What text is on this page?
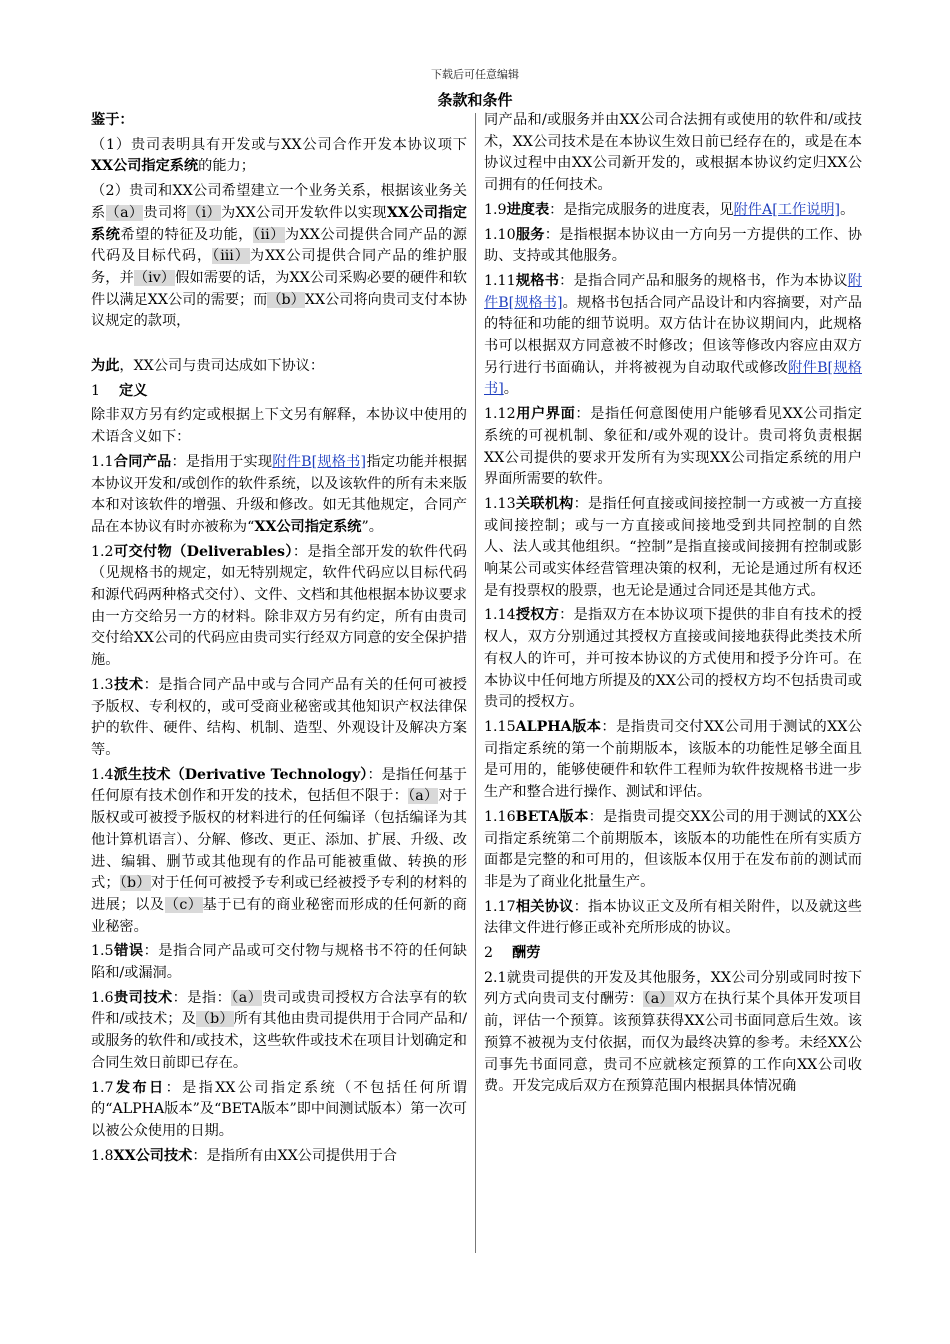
下载后可任意编辑
条款和条件

鉴于：

（1）贵司表明具有开发或与XX公司合作开发本协议项下XX公司指定系统的能力；

（2）贵司和XX公司希望建立一个业务关系，根据该业务关系（a）贵司将（i）为XX公司开发软件以实现XX公司指定系统希望的特征及功能，（ii）为XX公司提供合同产品的源代码及目标代码，（iii）为XX公司提供合同产品的维护服务，并（iv）假如需要的话，为XX公司采购必要的硬件和软件以满足XX公司的需要；而（b）XX公司将向贵司支付本协议规定的款项，

为此，XX公司与贵司达成如下协议：

1 定义

除非双方另有约定或根据上下文另有解释，本协议中使用的术语含义如下：

1.1合同产品：是指用于实现附件B[规格书]指定功能并根据本协议开发和/或创作的软件系统，以及该软件的所有未来版本和对该软件的增强、升级和修改。如无其他规定，合同产品在本协议有时亦被称为“XX公司指定系统”。

1.2可交付物（Deliverables）：是指全部开发的软件代码（见规格书的规定，如无特别规定，软件代码应以目标代码和源代码两种格式交付）、文件、文档和其他根据本协议要求由一方交给另一方的材料。除非双方另有约定，所有由贵司交付给XX公司的代码应由贵司实行经双方同意的安全保护措施。

1.3技术：是指合同产品中或与合同产品有关的任何可被授予版权、专利权的，或可受商业秘密或其他知识产权法律保护的软件、硬件、结构、机制、造型、外观设计及解决方案等。

1.4派生技术（Derivative Technology）：是指任何基于任何原有技术创作和开发的技术，包括但不限于：（a）对于版权或可被授予版权的材料进行的任何编译（包括编译为其他计算机语言）、分解、修改、更正、添加、扩展、升级、改进、编辑、删节或其他现有的作品可能被重做、转换的形式；（b）对于任何可被授予专利或已经被授予专利的材料的进展；以及（c）基于已有的商业秘密而形成的任何新的商业秘密。

1.5错误：是指合同产品或可交付物与规格书不符的任何缺陷和/或漏洞。

1.6贵司技术：是指：（a）贵司或贵司授权方合法享有的软件和/或技术；及（b）所有其他由贵司提供用于合同产品和/或服务的软件和/或技术，这些软件或技术在项目计划确定和合同生效日前即已存在。

1.7发布日：是指XX公司指定系统（不包括任何所谓的“ALPHA版本”及“BETA版本”即中间测试版本）第一次可以被公众使用的日期。

1.8XX公司技术：是指所有由XX公司提供用于合

同产品和/或服务并由XX公司合法拥有或使用的软件和/或技术，XX公司技术是在本协议生效日前已经存在的，或是在本协议过程中由XX公司新开发的，或根据本协议约定归XX公司拥有的任何技术。

1.9进度表：是指完成服务的进度表，见附件A[工作说明]。

1.10服务：是指根据本协议由一方向另一方提供的工作、协助、支持或其他服务。

1.11规格书：是指合同产品和服务的规格书，作为本协议附件B[规格书]。规格书包括合同产品设计和内容摘要，对产品的特征和功能的细节说明。双方估计在协议期间内，此规格书可以根据双方同意被不时修改；但该等修改内容应由双方另行进行书面确认，并将被视为自动取代或修改附件B[规格书]。

1.12用户界面：是指任何意图使用户能够看见XX公司指定系统的可视机制、象征和/或外观的设计。贵司将负责根据XX公司提供的要求开发所有为实现XX公司指定系统的用户界面所需要的软件。

1.13关联机构：是指任何直接或间接控制一方或被一方直接或间接控制；或与一方直接或间接地受到共同控制的自然人、法人或其他组织。“控制”是指直接或间接拥有控制或影响某公司或实体经营管理决策的权利，无论是通过所有权还是有投票权的股票，也无论是通过合同还是其他方式。

1.14授权方：是指双方在本协议项下提供的非自有技术的授权人，双方分别通过其授权方直接或间接地获得此类技术所有权人的许可，并可按本协议的方式使用和授予分许可。在本协议中任何地方所提及的XX公司的授权方均不包括贵司或贵司的授权方。

1.15ALPHA版本：是指贵司交付XX公司用于测试的XX公司指定系统的第一个前期版本，该版本的功能性足够全面且是可用的，能够使硬件和软件工程师为软件按规格书进一步生产和整合进行操作、测试和评估。

1.16BETA版本：是指贵司提交XX公司的用于测试的XX公司指定系统第二个前期版本，该版本的功能性在所有实质方面都是完整的和可用的，但该版本仅用于在发布前的测试而非是为了商业化批量生产。

1.17相关协议：指本协议正文及所有相关附件，以及就这些法律文件进行修正或补充所形成的协议。

2 酬劳

2.1就贵司提供的开发及其他服务，XX公司分别或同时按下列方式向贵司支付酬劳：（a）双方在执行某个具体开发项目前，评估一个预算。该预算获得XX公司书面同意后生效。该预算不被视为支付依据，而仅为最终决算的参考。未经XX公司事先书面同意，贵司不应就核定预算的工作向XX公司收费。开发完成后双方在预算范围内根据具体情况确
